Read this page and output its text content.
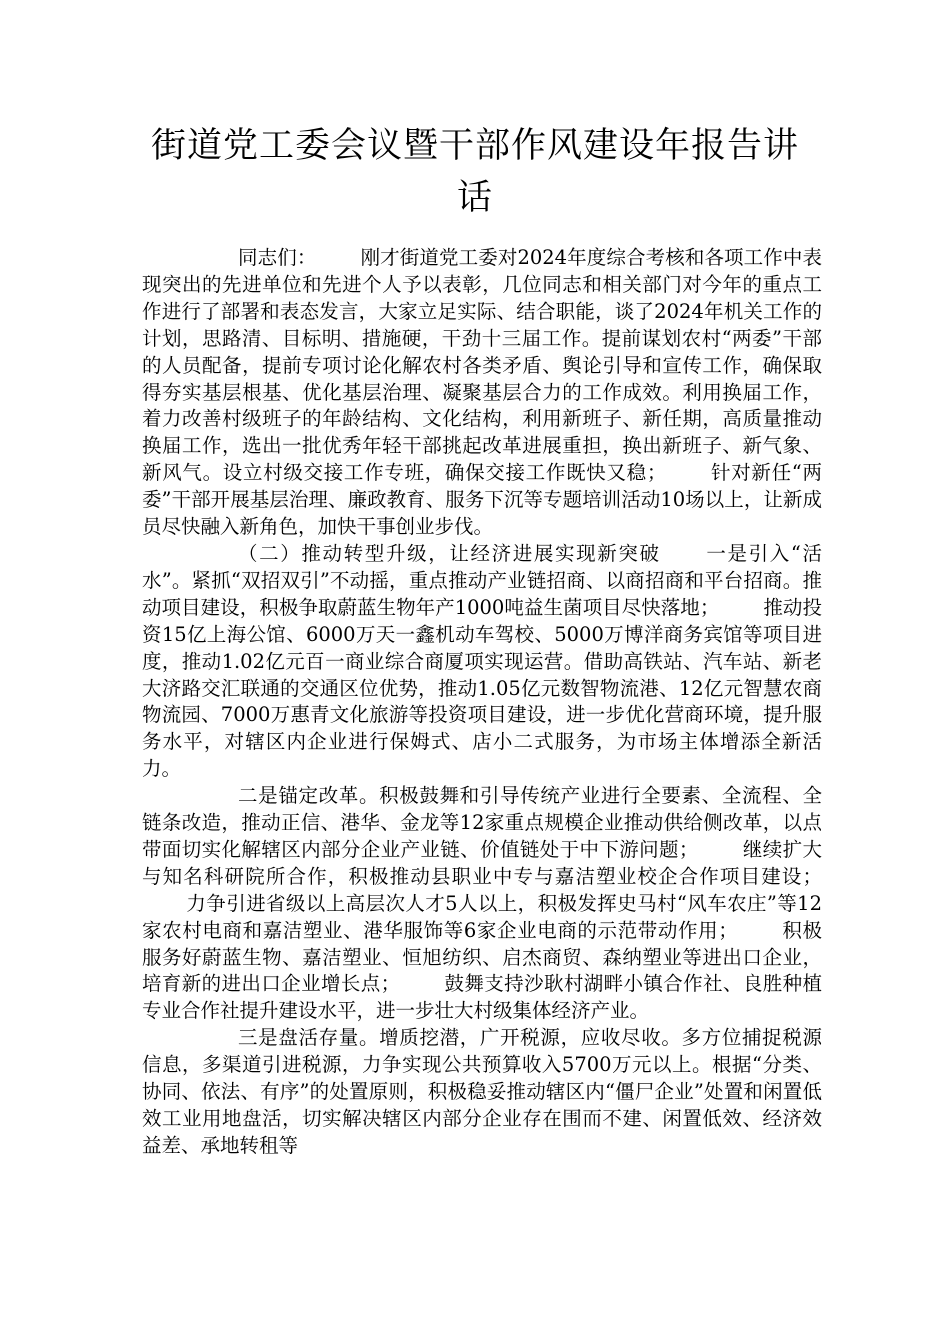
街道党工委会议暨干部作风建设年报告讲话

同志们： 刚才街道党工委对2024年度综合考核和各项工作中表现突出的先进单位和先进个人予以表彰，几位同志和相关部门对今年的重点工作进行了部署和表态发言，大家立足实际、结合职能，谈了2024年机关工作的计划，思路清、目标明、措施硬，干劲十三届工作。提前谋划农村“两委”干部的人员配备，提前专项讨论化解农村各类矛盾、舆论引导和宣传工作，确保取得夯实基层根基、优化基层治理、凝聚基层合力的工作成效。利用换届工作，着力改善村级班子的年龄结构、文化结构，利用新班子、新任期，高质量推动换届工作，选出一批优秀年轻干部挑起改革进展重担，换出新班子、新气象、新风气。设立村级交接工作专班，确保交接工作既快又稳； 针对新任“两委”干部开展基层治理、廉政教育、服务下沉等专题培训活动10场以上，让新成员尽快融入新角色，加快干事创业步伐。

（二）推动转型升级，让经济进展实现新突破 一是引入“活水”。紧抓“双招双引”不动摇，重点推动产业链招商、以商招商和平台招商。推动项目建设，积极争取蔚蓝生物年产1000吨益生菌项目尽快落地； 推动投资15亿上海公馆、6000万天一鑫机动车驾校、5000万博洋商务宾馆等项目进度，推动1.02亿元百一商业综合商厦项实现运营。借助高铁站、汽车站、新老大济路交汇联通的交通区位优势，推动1.05亿元数智物流港、12亿元智慧农商物流园、7000万惠青文化旅游等投资项目建设，进一步优化营商环境，提升服务水平，对辖区内企业进行保姆式、店小二式服务，为市场主体增添全新活力。

二是锚定改革。积极鼓舞和引导传统产业进行全要素、全流程、全链条改造，推动正信、港华、金龙等12家重点规模企业推动供给侧改革，以点带面切实化解辖区内部分企业产业链、价值链处于中下游问题； 继续扩大与知名科研院所合作，积极推动县职业中专与嘉洁塑业校企合作项目建设；力争引进省级以上高层次人才5人以上，积极发挥史马村“风车农庄”等12家农村电商和嘉洁塑业、港华服饰等6家企业电商的示范带动作用； 积极服务好蔚蓝生物、嘉洁塑业、恒旭纺织、启杰商贸、森纳塑业等进出口企业，培育新的进出口企业增长点； 鼓舞支持沙耿村湖畔小镇合作社、良胜种植专业合作社提升建设水平，进一步壮大村级集体经济产业。

三是盘活存量。增质挖潜，广开税源，应收尽收。多方位捕捉税源信息，多渠道引进税源，力争实现公共预算收入5700万元以上。根据“分类、协同、依法、有序”的处置原则，积极稳妥推动辖区内“僵尸企业”处置和闲置低效工业用地盘活，切实解决辖区内部分企业存在围而不建、闲置低效、经济效益差、承地转租等
